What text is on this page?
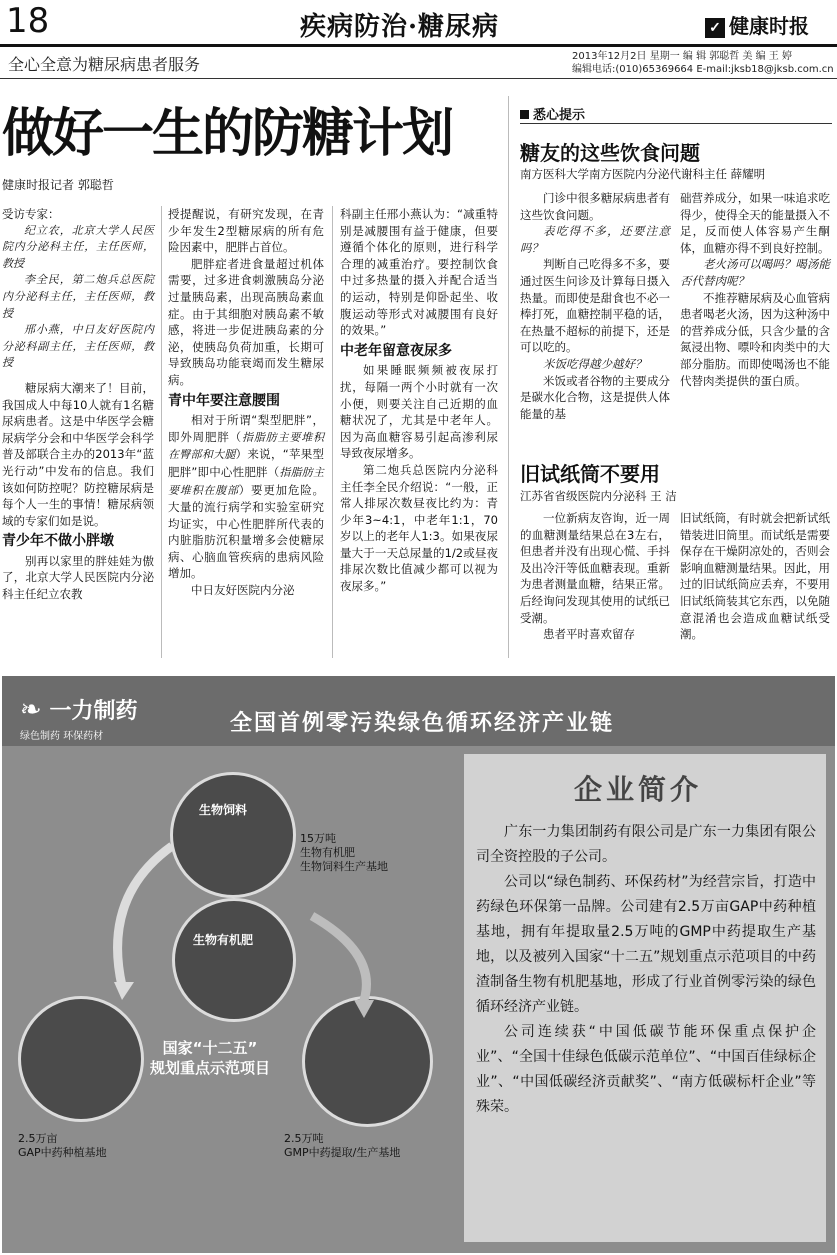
18	疾病防治·糖尿病	✓ 健康时报
全心全意为糖尿病患者服务	2013年12月2日 星期一 编 辑 郭聪哲 美 编 王 婷
编辑电话:(010)65369664 E-mail:jksb18@jksb.com.cn
做好一生的防糖计划
健康时报记者 郭聪哲

受访专家：

纪立农，北京大学人民医院内分泌科主任，主任医师，教授

李全民，第二炮兵总医院内分泌科主任，主任医师，教授

邢小燕，中日友好医院内分泌科副主任，主任医师，教授

糖尿病大潮来了！目前，我国成人中每10人就有1名糖尿病患者。这是中华医学会糖尿病学分会和中华医学会科学普及部联合主办的2013年“蓝光行动”中发布的信息。我们该如何防控呢？防控糖尿病是每个人一生的事情！糖尿病领域的专家们如是说。

青少年不做小胖墩

别再以家里的胖娃娃为傲了，北京大学人民医院内分泌科主任纪立农教

授提醒说，有研究发现，在青少年发生2型糖尿病的所有危险因素中，肥胖占首位。

肥胖症者进食量超过机体需要，过多进食刺激胰岛分泌过量胰岛素，出现高胰岛素血症。由于其细胞对胰岛素不敏感，将进一步促进胰岛素的分泌，使胰岛负荷加重，长期可导致胰岛功能衰竭而发生糖尿病。

青中年要注意腰围

相对于所谓“梨型肥胖”，即外周肥胖（指脂肪主要堆积在臀部和大腿）来说，“苹果型肥胖”即中心性肥胖（指脂肪主要堆积在腹部）要更加危险。大量的流行病学和实验室研究均证实，中心性肥胖所代表的内脏脂肪沉积量增多会使糖尿病、心脑血管疾病的患病风险增加。

中日友好医院内分泌

科副主任邢小燕认为：“减重特别是减腰围有益于健康，但要遵循个体化的原则，进行科学合理的减重治疗。要控制饮食中过多热量的摄入并配合适当的运动，特别是仰卧起坐、收腹运动等形式对减腰围有良好的效果。”

中老年留意夜尿多

如果睡眠频频被夜尿打扰，每隔一两个小时就有一次小便，则要关注自己近期的血糖状况了，尤其是中老年人。因为高血糖容易引起高渗利尿导致夜尿增多。

第二炮兵总医院内分泌科主任李全民介绍说：“一般，正常人排尿次数昼夜比约为：青少年3~4:1，中老年1:1，70岁以上的老年人1:3。如果夜尿量大于一天总尿量的1/2或昼夜排尿次数比值减少都可以视为夜尿多。”

悉心提示
糖友的这些饮食问题
南方医科大学南方医院内分泌代谢科主任 薛耀明

门诊中很多糖尿病患者有这些饮食问题。

表吃得不多，还要注意吗？

判断自己吃得多不多，要通过医生问诊及计算每日摄入热量。而即使是甜食也不必一棒打死，血糖控制平稳的话，在热量不超标的前提下，还是可以吃的。

米饭吃得越少越好？

米饭或者谷物的主要成分是碳水化合物，这是提供人体能量的基

础营养成分，如果一味追求吃得少，使得全天的能量摄入不足，反而使人体容易产生酮体，血糖亦得不到良好控制。

老火汤可以喝吗？喝汤能否代替肉呢？

不推荐糖尿病及心血管病患者喝老火汤，因为这种汤中的营养成分低，只含少量的含氮浸出物、嘌呤和肉类中的大部分脂肪。而即使喝汤也不能代替肉类提供的蛋白质。

旧试纸筒不要用
江苏省省级医院内分泌科 王 洁

一位新病友咨询，近一周的血糖测量结果总在3左右，但患者并没有出现心慌、手抖及出冷汗等低血糖表现。重新为患者测量血糖，结果正常。后经询问发现其使用的试纸已受潮。

患者平时喜欢留存

旧试纸筒，有时就会把新试纸错装进旧筒里。而试纸是需要保存在干燥阴凉处的，否则会影响血糖测量结果。因此，用过的旧试纸筒应丢弃，不要用旧试纸筒装其它东西，以免随意混淆也会造成血糖试纸受潮。

❧ 一力制药
绿色制药 环保药材
全国首例零污染绿色循环经济产业链
生物饲料
15万吨
生物有机肥
生物饲料生产基地
生物有机肥
国家“十二五”
规划重点示范项目
2.5万亩
GAP中药种植基地
2.5万吨
GMP中药提取/生产基地
企业简介

广东一力集团制药有限公司是广东一力集团有限公司全资控股的子公司。

公司以“绿色制药、环保药材”为经营宗旨，打造中药绿色环保第一品牌。公司建有2.5万亩GAP中药种植基地，拥有年提取量2.5万吨的GMP中药提取生产基地，以及被列入国家“十二五”规划重点示范项目的中药渣制备生物有机肥基地，形成了行业首例零污染的绿色循环经济产业链。

公司连续获“中国低碳节能环保重点保护企业”、“全国十佳绿色低碳示范单位”、“中国百佳绿标企业”、“中国低碳经济贡献奖”、“南方低碳标杆企业”等殊荣。
